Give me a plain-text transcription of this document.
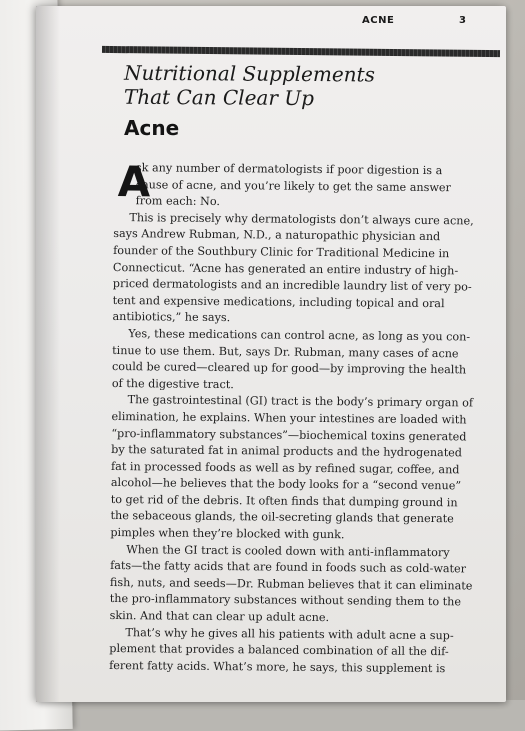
ACNE	3
Nutritional Supplements
That Can Clear Up
Acne
A
sk any number of dermatologists if poor digestion is a
cause of acne, and you’re likely to get the same answer
from each: No.
This is precisely why dermatologists don’t always cure acne,
says Andrew Rubman, N.D., a naturopathic physician and
founder of the Southbury Clinic for Traditional Medicine in
Connecticut. “Acne has generated an entire industry of high-
priced dermatologists and an incredible laundry list of very po-
tent and expensive medications, including topical and oral
antibiotics,” he says.
Yes, these medications can control acne, as long as you con-
tinue to use them. But, says Dr. Rubman, many cases of acne
could be cured—cleared up for good—by improving the health
of the digestive tract.
The gastrointestinal (GI) tract is the body’s primary organ of
elimination, he explains. When your intestines are loaded with
“pro-inflammatory substances”—biochemical toxins generated
by the saturated fat in animal products and the hydrogenated
fat in processed foods as well as by refined sugar, coffee, and
alcohol—he believes that the body looks for a “second venue”
to get rid of the debris. It often finds that dumping ground in
the sebaceous glands, the oil-secreting glands that generate
pimples when they’re blocked with gunk.
When the GI tract is cooled down with anti-inflammatory
fats—the fatty acids that are found in foods such as cold-water
fish, nuts, and seeds—Dr. Rubman believes that it can eliminate
the pro-inflammatory substances without sending them to the
skin. And that can clear up adult acne.
That’s why he gives all his patients with adult acne a sup-
plement that provides a balanced combination of all the dif-
ferent fatty acids. What’s more, he says, this supplement is
